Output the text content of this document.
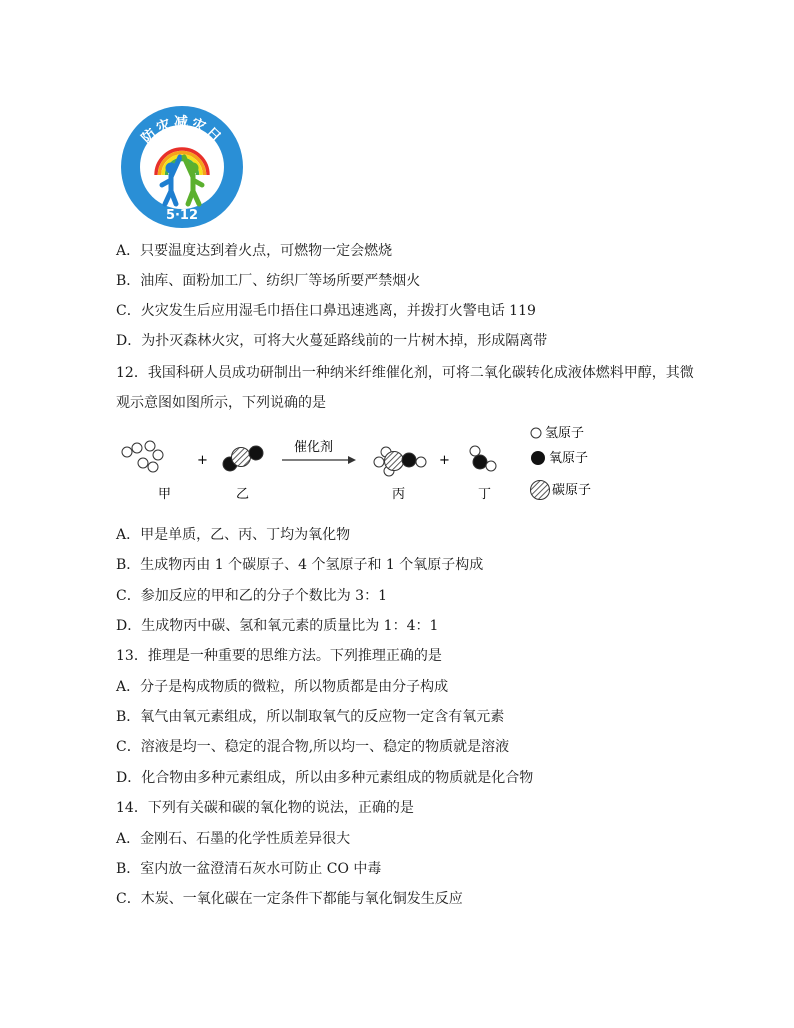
防灾减灾日
5·12
A．只要温度达到着火点，可燃物一定会燃烧
B．油库、面粉加工厂、纺织厂等场所要严禁烟火
C．火灾发生后应用湿毛巾捂住口鼻迅速逃离，并拨打火警电话 119
D．为扑灭森林火灾，可将大火蔓延路线前的一片树木掉，形成隔离带
12．我国科研人员成功研制出一种纳米纤维催化剂，可将二氧化碳转化成液体燃料甲醇，其微
观示意图如图所示，下列说确的是
+
催化剂
+
甲	乙	丙	丁
氢原子
氧原子
碳原子
A．甲是单质，乙、丙、丁均为氧化物
B．生成物丙由 1 个碳原子、4 个氢原子和 1 个氧原子构成
C．参加反应的甲和乙的分子个数比为 3：1
D．生成物丙中碳、氢和氧元素的质量比为 1：4：1
13．推理是一种重要的思维方法。下列推理正确的是
A．分子是构成物质的微粒，所以物质都是由分子构成
B．氧气由氧元素组成，所以制取氧气的反应物一定含有氧元素
C．溶液是均一、稳定的混合物,所以均一、稳定的物质就是溶液
D．化合物由多种元素组成，所以由多种元素组成的物质就是化合物
14．下列有关碳和碳的氧化物的说法，正确的是
A．金刚石、石墨的化学性质差异很大
B．室内放一盆澄清石灰水可防止 CO 中毒
C．木炭、一氧化碳在一定条件下都能与氧化铜发生反应
